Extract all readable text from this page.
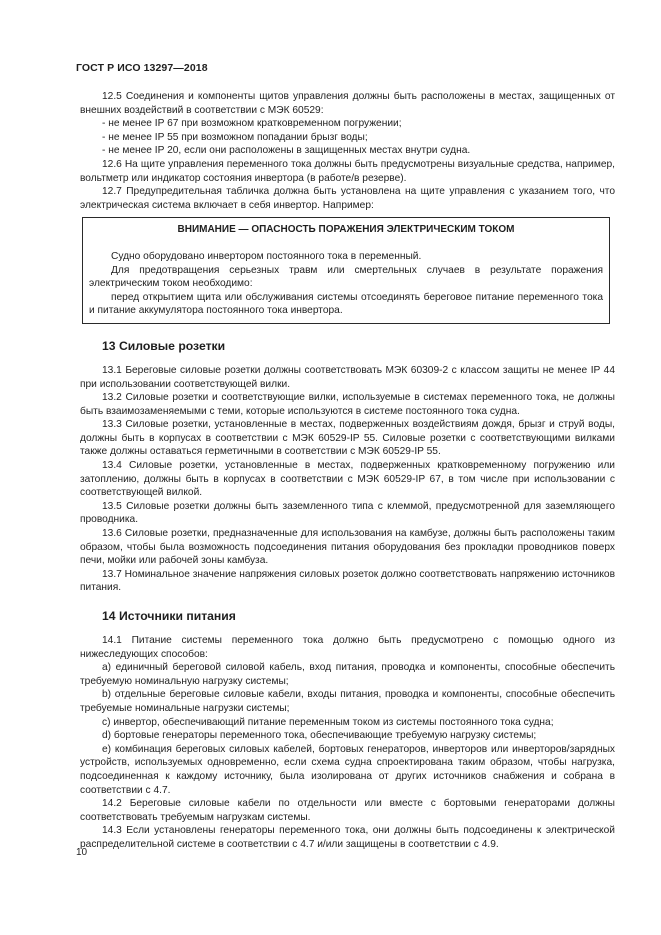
ГОСТ Р ИСО 13297—2018

12.5 Соединения и компоненты щитов управления должны быть расположены в местах, защищенных от внешних воздействий в соответствии с МЭК 60529:

- не менее IP 67 при возможном кратковременном погружении;

- не менее IP 55 при возможном попадании брызг воды;

- не менее IP 20, если они расположены в защищенных местах внутри судна.

12.6 На щите управления переменного тока должны быть предусмотрены визуальные средства, например, вольтметр или индикатор состояния инвертора (в работе/в резерве).

12.7 Предупредительная табличка должна быть установлена на щите управления с указанием того, что электрическая система включает в себя инвертор. Например:

ВНИМАНИЕ — ОПАСНОСТЬ ПОРАЖЕНИЯ ЭЛЕКТРИЧЕСКИМ ТОКОМ

Судно оборудовано инвертором постоянного тока в переменный.

Для предотвращения серьезных травм или смертельных случаев в результате поражения электрическим током необходимо:

перед открытием щита или обслуживания системы отсоединять береговое питание переменного тока и питание аккумулятора постоянного тока инвертора.

13 Силовые розетки

13.1 Береговые силовые розетки должны соответствовать МЭК 60309-2 с классом защиты не менее IP 44 при использовании соответствующей вилки.

13.2 Силовые розетки и соответствующие вилки, используемые в системах переменного тока, не должны быть взаимозаменяемыми с теми, которые используются в системе постоянного тока судна.

13.3 Силовые розетки, установленные в местах, подверженных воздействиям дождя, брызг и струй воды, должны быть в корпусах в соответствии с МЭК 60529-IP 55. Силовые розетки с соответствующими вилками также должны оставаться герметичными в соответствии с МЭК 60529-IP 55.

13.4 Силовые розетки, установленные в местах, подверженных кратковременному погружению или затоплению, должны быть в корпусах в соответствии с МЭК 60529-IP 67, в том числе при использовании с соответствующей вилкой.

13.5 Силовые розетки должны быть заземленного типа с клеммой, предусмотренной для заземляющего проводника.

13.6 Силовые розетки, предназначенные для использования на камбузе, должны быть расположены таким образом, чтобы была возможность подсоединения питания оборудования без прокладки проводников поверх печи, мойки или рабочей зоны камбуза.

13.7 Номинальное значение напряжения силовых розеток должно соответствовать напряжению источников питания.

14 Источники питания

14.1 Питание системы переменного тока должно быть предусмотрено с помощью одного из нижеследующих способов:

a) единичный береговой силовой кабель, вход питания, проводка и компоненты, способные обеспечить требуемую номинальную нагрузку системы;

b) отдельные береговые силовые кабели, входы питания, проводка и компоненты, способные обеспечить требуемые номинальные нагрузки системы;

c) инвертор, обеспечивающий питание переменным током из системы постоянного тока судна;

d) бортовые генераторы переменного тока, обеспечивающие требуемую нагрузку системы;

e) комбинация береговых силовых кабелей, бортовых генераторов, инверторов или инверторов/зарядных устройств, используемых одновременно, если схема судна спроектирована таким образом, чтобы нагрузка, подсоединенная к каждому источнику, была изолирована от других источников снабжения и собрана в соответствии с 4.7.

14.2 Береговые силовые кабели по отдельности или вместе с бортовыми генераторами должны соответствовать требуемым нагрузкам системы.

14.3 Если установлены генераторы переменного тока, они должны быть подсоединены к электрической распределительной системе в соответствии с 4.7 и/или защищены в соответствии с 4.9.

10
